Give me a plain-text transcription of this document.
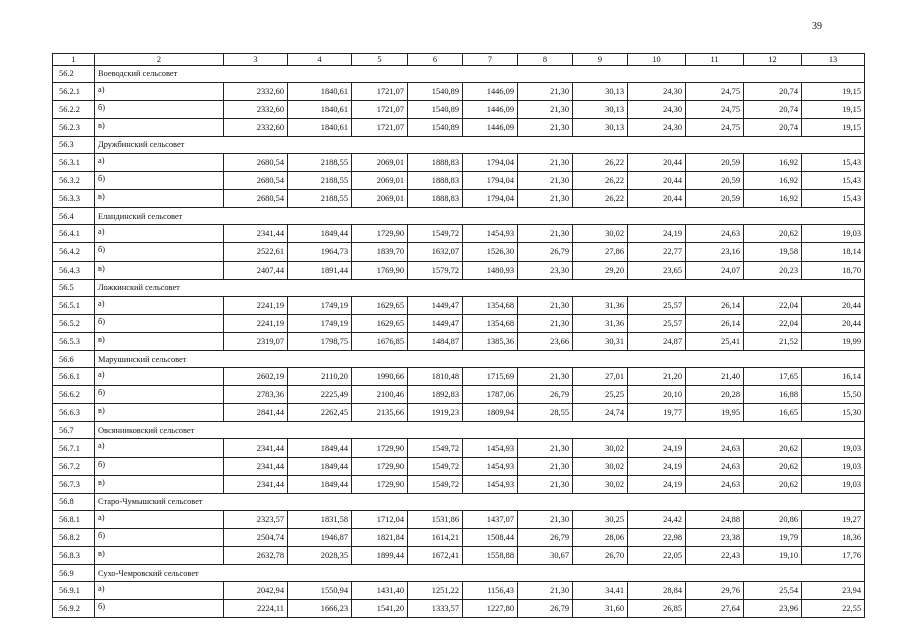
39
1	2	3	4	5	6	7	8	9	10	11	12	13
56.2	Воеводский сельсовет											
56.2.1	а)	2332,60	1840,61	1721,07	1540,89	1446,09	21,30	30,13	24,30	24,75	20,74	19,15
56.2.2	б)	2332,60	1840,61	1721,07	1540,89	1446,09	21,30	30,13	24,30	24,75	20,74	19,15
56.2.3	в)	2332,60	1840,61	1721,07	1540,89	1446,09	21,30	30,13	24,30	24,75	20,74	19,15
56.3	Дружбинский сельсовет											
56.3.1	а)	2680,54	2188,55	2069,01	1888,83	1794,04	21,30	26,22	20,44	20,59	16,92	15,43
56.3.2	б)	2680,54	2188,55	2069,01	1888,83	1794,04	21,30	26,22	20,44	20,59	16,92	15,43
56.3.3	в)	2680,54	2188,55	2069,01	1888,83	1794,04	21,30	26,22	20,44	20,59	16,92	15,43
56.4	Еландинский сельсовет											
56.4.1	а)	2341,44	1849,44	1729,90	1549,72	1454,93	21,30	30,02	24,19	24,63	20,62	19,03
56.4.2	б)	2522,61	1964,73	1839,70	1632,07	1526,30	26,79	27,86	22,77	23,16	19,58	18,14
56.4.3	в)	2407,44	1891,44	1769,90	1579,72	1480,93	23,30	29,20	23,65	24,07	20,23	18,70
56.5	Ложкинский сельсовет											
56.5.1	а)	2241,19	1749,19	1629,65	1449,47	1354,68	21,30	31,36	25,57	26,14	22,04	20,44
56.5.2	б)	2241,19	1749,19	1629,65	1449,47	1354,68	21,30	31,36	25,57	26,14	22,04	20,44
56.5.3	в)	2319,07	1798,75	1676,85	1484,87	1385,36	23,66	30,31	24,87	25,41	21,52	19,99
56.6	Марушинский сельсовет											
56.6.1	а)	2602,19	2110,20	1990,66	1810,48	1715,69	21,30	27,01	21,20	21,40	17,65	16,14
56.6.2	б)	2783,36	2225,49	2100,46	1892,83	1787,06	26,79	25,25	20,10	20,28	16,88	15,50
56.6.3	в)	2841,44	2262,45	2135,66	1919,23	1809,94	28,55	24,74	19,77	19,95	16,65	15,30
56.7	Овсянниковский сельсовет											
56.7.1	а)	2341,44	1849,44	1729,90	1549,72	1454,93	21,30	30,02	24,19	24,63	20,62	19,03
56.7.2	б)	2341,44	1849,44	1729,90	1549,72	1454,93	21,30	30,02	24,19	24,63	20,62	19,03
56.7.3	в)	2341,44	1849,44	1729,90	1549,72	1454,93	21,30	30,02	24,19	24,63	20,62	19,03
56.8	Старо-Чумышский сельсовет											
56.8.1	а)	2323,57	1831,58	1712,04	1531,86	1437,07	21,30	30,25	24,42	24,88	20,86	19,27
56.8.2	б)	2504,74	1946,87	1821,84	1614,21	1508,44	26,79	28,06	22,98	23,38	19,79	18,36
56.8.3	в)	2632,78	2028,35	1899,44	1672,41	1558,88	30,67	26,70	22,05	22,43	19,10	17,76
56.9	Сухо-Чемровский сельсовет											
56.9.1	а)	2042,94	1550,94	1431,40	1251,22	1156,43	21,30	34,41	28,84	29,76	25,54	23,94
56.9.2	б)	2224,11	1666,23	1541,20	1333,57	1227,80	26,79	31,60	26,85	27,64	23,96	22,55
